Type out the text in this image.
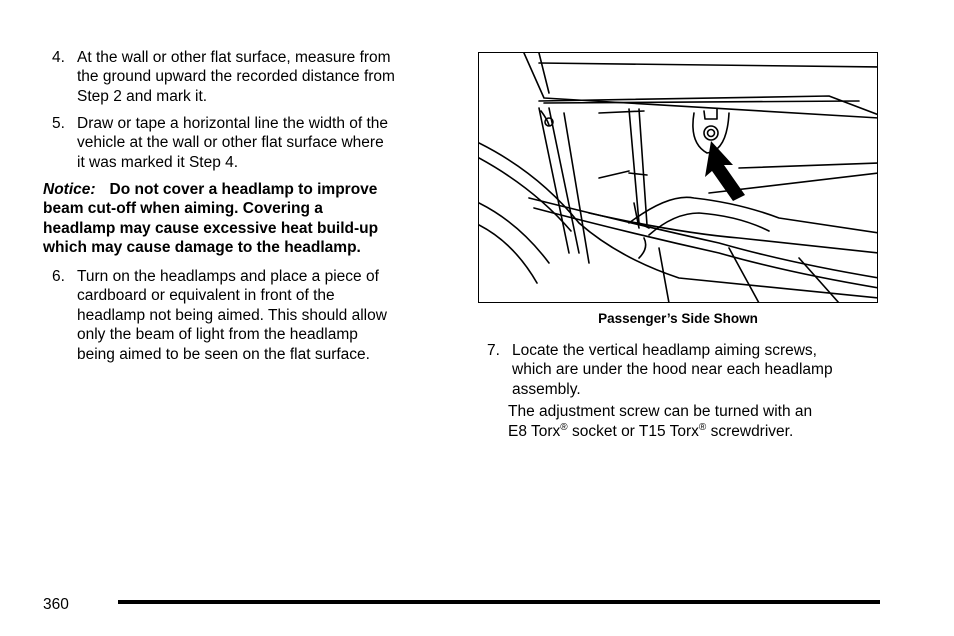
4. At the wall or other flat surface, measure from
the ground upward the recorded distance from
Step 2 and mark it.
5. Draw or tape a horizontal line the width of the
vehicle at the wall or other flat surface where
it was marked it Step 4.
Notice: Do not cover a headlamp to improve
beam cut-off when aiming. Covering a
headlamp may cause excessive heat build-up
which may cause damage to the headlamp.
6. Turn on the headlamps and place a piece of
cardboard or equivalent in front of the
headlamp not being aimed. This should allow
only the beam of light from the headlamp
being aimed to be seen on the flat surface.
Passenger’s Side Shown
7. Locate the vertical headlamp aiming screws,
which are under the hood near each headlamp
assembly.
The adjustment screw can be turned with an
E8 Torx® socket or T15 Torx® screwdriver.
360
